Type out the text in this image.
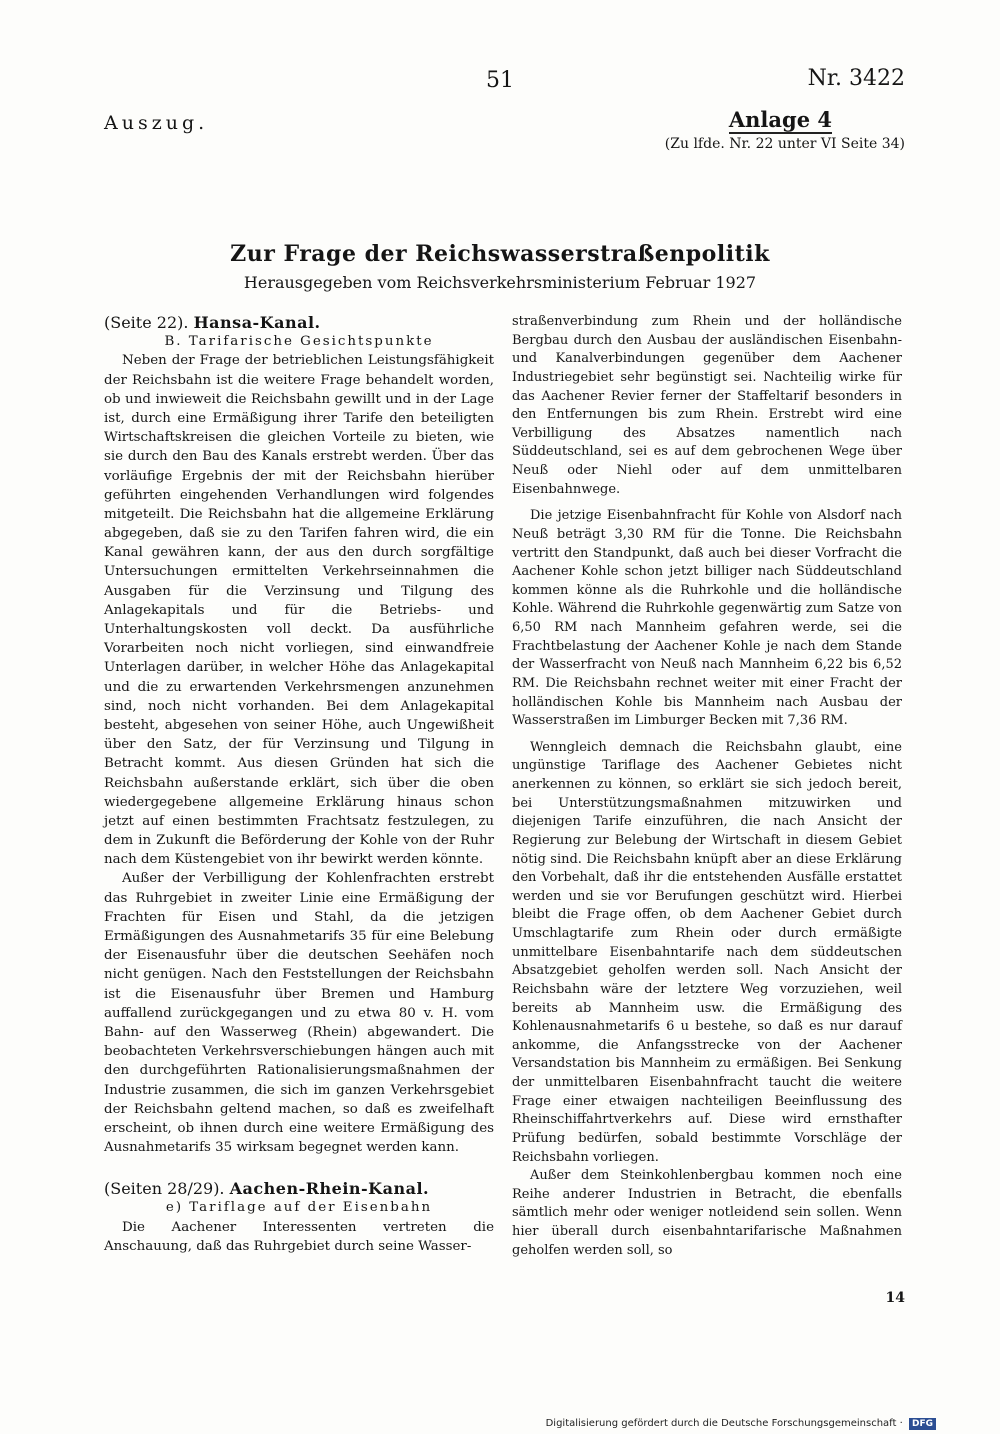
51	Nr. 3422
Auszug.	Anlage 4
(Zu lfde. Nr. 22 unter VI Seite 34)
Zur Frage der Reichswasserstraßenpolitik
Herausgegeben vom Reichsverkehrsministerium Februar 1927
(Seite 22). Hansa-Kanal.

B. Tarifarische Gesichtspunkte

Neben der Frage der betrieblichen Leistungsfähigkeit der Reichsbahn ist die weitere Frage behandelt worden, ob und inwieweit die Reichsbahn gewillt und in der Lage ist, durch eine Ermäßigung ihrer Tarife den beteiligten Wirtschaftskreisen die gleichen Vorteile zu bieten, wie sie durch den Bau des Kanals erstrebt werden. Über das vorläufige Ergebnis der mit der Reichsbahn hierüber geführten eingehenden Verhandlungen wird folgendes mitgeteilt. Die Reichsbahn hat die allgemeine Erklärung abgegeben, daß sie zu den Tarifen fahren wird, die ein Kanal gewähren kann, der aus den durch sorgfältige Untersuchungen ermittelten Verkehrseinnahmen die Ausgaben für die Verzinsung und Tilgung des Anlagekapitals und für die Betriebs- und Unterhaltungskosten voll deckt. Da ausführliche Vorarbeiten noch nicht vorliegen, sind einwandfreie Unterlagen darüber, in welcher Höhe das Anlagekapital und die zu erwartenden Verkehrsmengen anzunehmen sind, noch nicht vorhanden. Bei dem Anlagekapital besteht, abgesehen von seiner Höhe, auch Ungewißheit über den Satz, der für Verzinsung und Tilgung in Betracht kommt. Aus diesen Gründen hat sich die Reichsbahn außerstande erklärt, sich über die oben wiedergegebene allgemeine Erklärung hinaus schon jetzt auf einen bestimmten Frachtsatz festzulegen, zu dem in Zukunft die Beförderung der Kohle von der Ruhr nach dem Küstengebiet von ihr bewirkt werden könnte.

Außer der Verbilligung der Kohlenfrachten erstrebt das Ruhrgebiet in zweiter Linie eine Ermäßigung der Frachten für Eisen und Stahl, da die jetzigen Ermäßigungen des Ausnahmetarifs 35 für eine Belebung der Eisenausfuhr über die deutschen Seehäfen noch nicht genügen. Nach den Feststellungen der Reichsbahn ist die Eisenausfuhr über Bremen und Hamburg auffallend zurückgegangen und zu etwa 80 v. H. vom Bahn- auf den Wasserweg (Rhein) abgewandert. Die beobachteten Verkehrsverschiebungen hängen auch mit den durchgeführten Rationalisierungsmaßnahmen der Industrie zusammen, die sich im ganzen Verkehrsgebiet der Reichsbahn geltend machen, so daß es zweifelhaft erscheint, ob ihnen durch eine weitere Ermäßigung des Ausnahmetarifs 35 wirksam begegnet werden kann.

(Seiten 28/29). Aachen-Rhein-Kanal.

e) Tariflage auf der Eisenbahn

Die Aachener Interessenten vertreten die Anschauung, daß das Ruhrgebiet durch seine Wasser-

straßenverbindung zum Rhein und der holländische Bergbau durch den Ausbau der ausländischen Eisenbahn- und Kanalverbindungen gegenüber dem Aachener Industriegebiet sehr begünstigt sei. Nachteilig wirke für das Aachener Revier ferner der Staffeltarif besonders in den Entfernungen bis zum Rhein. Erstrebt wird eine Verbilligung des Absatzes namentlich nach Süddeutschland, sei es auf dem gebrochenen Wege über Neuß oder Niehl oder auf dem unmittelbaren Eisenbahnwege.

Die jetzige Eisenbahnfracht für Kohle von Alsdorf nach Neuß beträgt 3,30 RM für die Tonne. Die Reichsbahn vertritt den Standpunkt, daß auch bei dieser Vorfracht die Aachener Kohle schon jetzt billiger nach Süddeutschland kommen könne als die Ruhrkohle und die holländische Kohle. Während die Ruhrkohle gegenwärtig zum Satze von 6,50 RM nach Mannheim gefahren werde, sei die Frachtbelastung der Aachener Kohle je nach dem Stande der Wasserfracht von Neuß nach Mannheim 6,22 bis 6,52 RM. Die Reichsbahn rechnet weiter mit einer Fracht der holländischen Kohle bis Mannheim nach Ausbau der Wasserstraßen im Limburger Becken mit 7,36 RM.

Wenngleich demnach die Reichsbahn glaubt, eine ungünstige Tariflage des Aachener Gebietes nicht anerkennen zu können, so erklärt sie sich jedoch bereit, bei Unterstützungsmaßnahmen mitzuwirken und diejenigen Tarife einzuführen, die nach Ansicht der Regierung zur Belebung der Wirtschaft in diesem Gebiet nötig sind. Die Reichsbahn knüpft aber an diese Erklärung den Vorbehalt, daß ihr die entstehenden Ausfälle erstattet werden und sie vor Berufungen geschützt wird. Hierbei bleibt die Frage offen, ob dem Aachener Gebiet durch Umschlagtarife zum Rhein oder durch ermäßigte unmittelbare Eisenbahntarife nach dem süddeutschen Absatzgebiet geholfen werden soll. Nach Ansicht der Reichsbahn wäre der letztere Weg vorzuziehen, weil bereits ab Mannheim usw. die Ermäßigung des Kohlenausnahmetarifs 6 u bestehe, so daß es nur darauf ankomme, die Anfangsstrecke von der Aachener Versandstation bis Mannheim zu ermäßigen. Bei Senkung der unmittelbaren Eisenbahnfracht taucht die weitere Frage einer etwaigen nachteiligen Beeinflussung des Rheinschiffahrtverkehrs auf. Diese wird ernsthafter Prüfung bedürfen, sobald bestimmte Vorschläge der Reichsbahn vorliegen.

Außer dem Steinkohlenbergbau kommen noch eine Reihe anderer Industrien in Betracht, die ebenfalls sämtlich mehr oder weniger notleidend sein sollen. Wenn hier überall durch eisenbahntarifarische Maßnahmen geholfen werden soll, so

14
Digitalisierung gefördert durch die Deutsche Forschungsgemeinschaft · DFG
